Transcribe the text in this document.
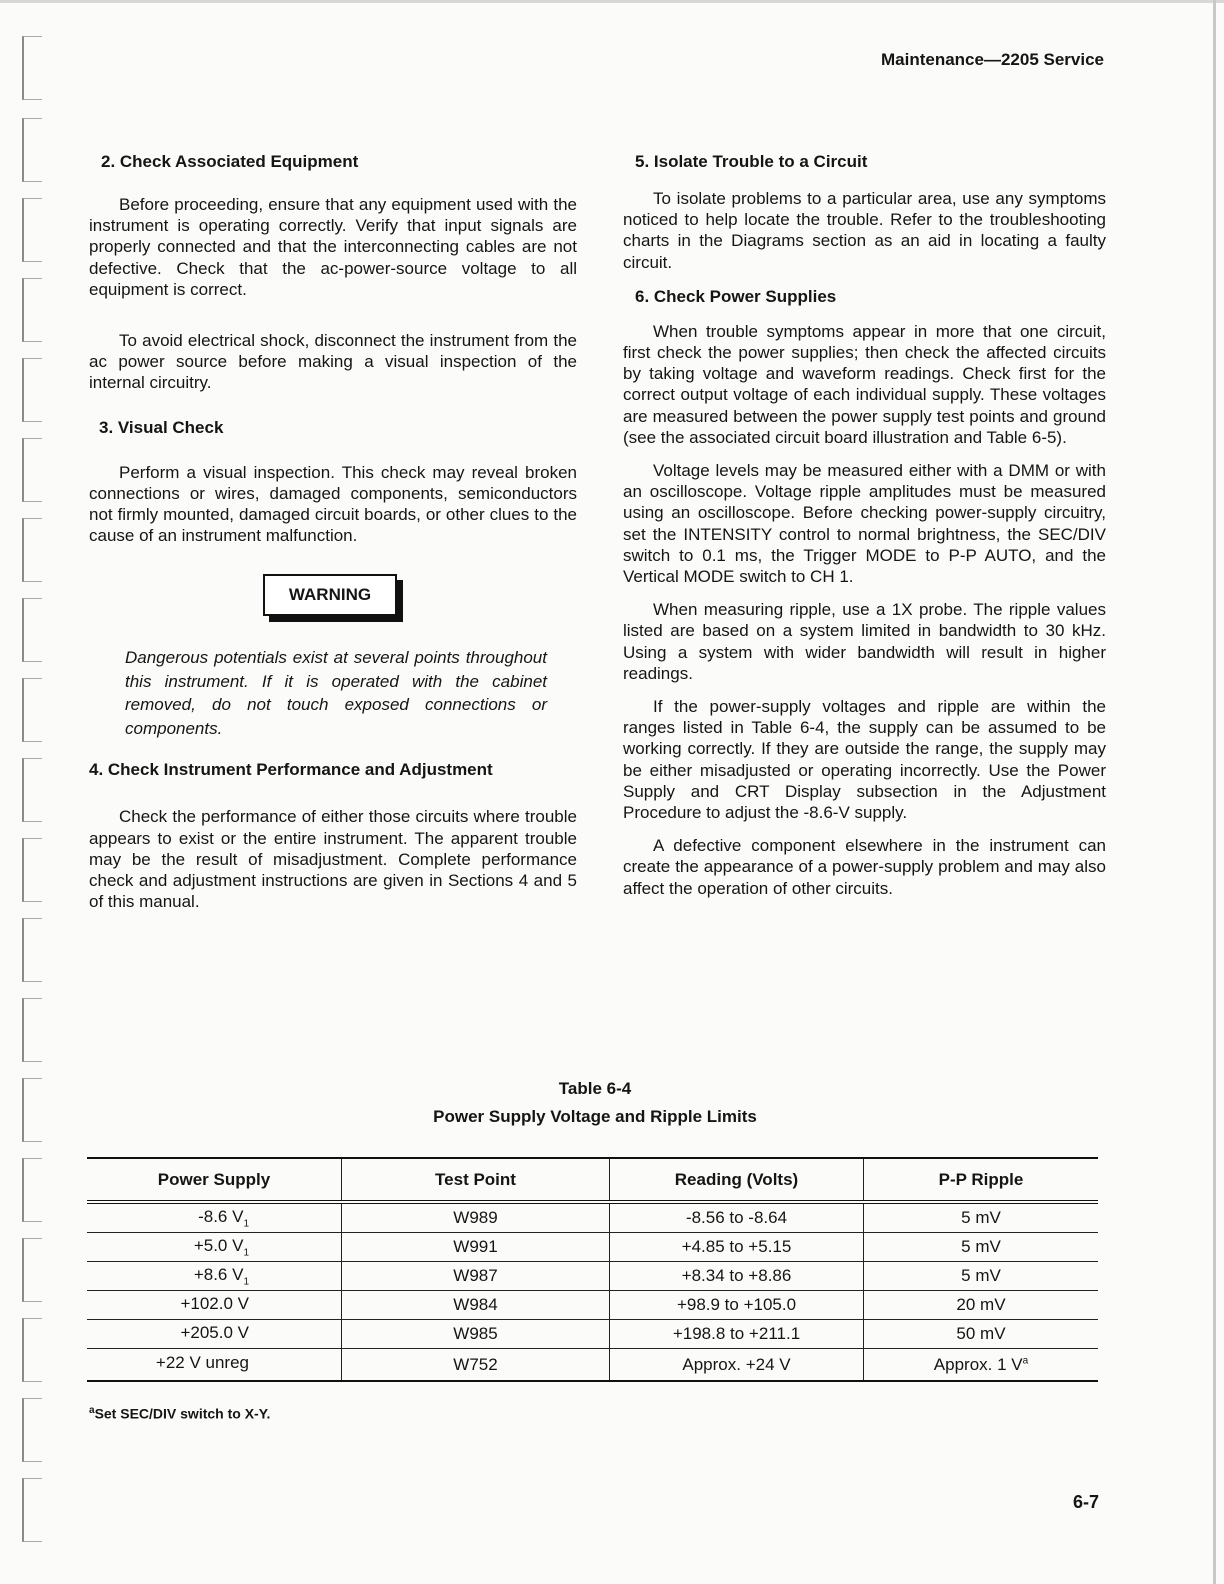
Maintenance—2205 Service
2. Check Associated Equipment

Before proceeding, ensure that any equipment used with the instrument is operating correctly. Verify that input signals are properly connected and that the interconnecting cables are not defective. Check that the ac-power-source voltage to all equipment is correct.

To avoid electrical shock, disconnect the instrument from the ac power source before making a visual inspection of the internal circuitry.

3. Visual Check

Perform a visual inspection. This check may reveal broken connections or wires, damaged components, semiconductors not firmly mounted, damaged circuit boards, or other clues to the cause of an instrument malfunction.

WARNING

Dangerous potentials exist at several points throughout this instrument. If it is operated with the cabinet removed, do not touch exposed connections or components.

4. Check Instrument Performance and Adjustment

Check the performance of either those circuits where trouble appears to exist or the entire instrument. The apparent trouble may be the result of misadjustment. Complete performance check and adjustment instructions are given in Sections 4 and 5 of this manual.

5. Isolate Trouble to a Circuit

To isolate problems to a particular area, use any symptoms noticed to help locate the trouble. Refer to the troubleshooting charts in the Diagrams section as an aid in locating a faulty circuit.

6. Check Power Supplies

When trouble symptoms appear in more that one circuit, first check the power supplies; then check the affected circuits by taking voltage and waveform readings. Check first for the correct output voltage of each individual supply. These voltages are measured between the power supply test points and ground (see the associated circuit board illustration and Table 6-5).

Voltage levels may be measured either with a DMM or with an oscilloscope. Voltage ripple amplitudes must be measured using an oscilloscope. Before checking power-supply circuitry, set the INTENSITY control to normal brightness, the SEC/DIV switch to 0.1 ms, the Trigger MODE to P-P AUTO, and the Vertical MODE switch to CH 1.

When measuring ripple, use a 1X probe. The ripple values listed are based on a system limited in bandwidth to 30 kHz. Using a system with wider bandwidth will result in higher readings.

If the power-supply voltages and ripple are within the ranges listed in Table 6-4, the supply can be assumed to be working correctly. If they are outside the range, the supply may be either misadjusted or operating incorrectly. Use the Power Supply and CRT Display subsection in the Adjustment Procedure to adjust the -8.6-V supply.

A defective component elsewhere in the instrument can create the appearance of a power-supply problem and may also affect the operation of other circuits.

Table 6-4
Power Supply Voltage and Ripple Limits
Power Supply	Test Point	Reading (Volts)	P-P Ripple
-8.6 $V_1$	W989	-8.56 to -8.64	5 mV
+5.0 $V_1$	W991	+4.85 to +5.15	5 mV
+8.6 $V_1$	W987	+8.34 to +8.86	5 mV
+102.0 V	W984	+98.9 to +105.0	20 mV
+205.0 V	W985	+198.8 to +211.1	50 mV
+22 V unreg	W752	Approx. +24 V	Approx. 1 $V^a$
$^a$Set SEC/DIV switch to X-Y.
6-7
